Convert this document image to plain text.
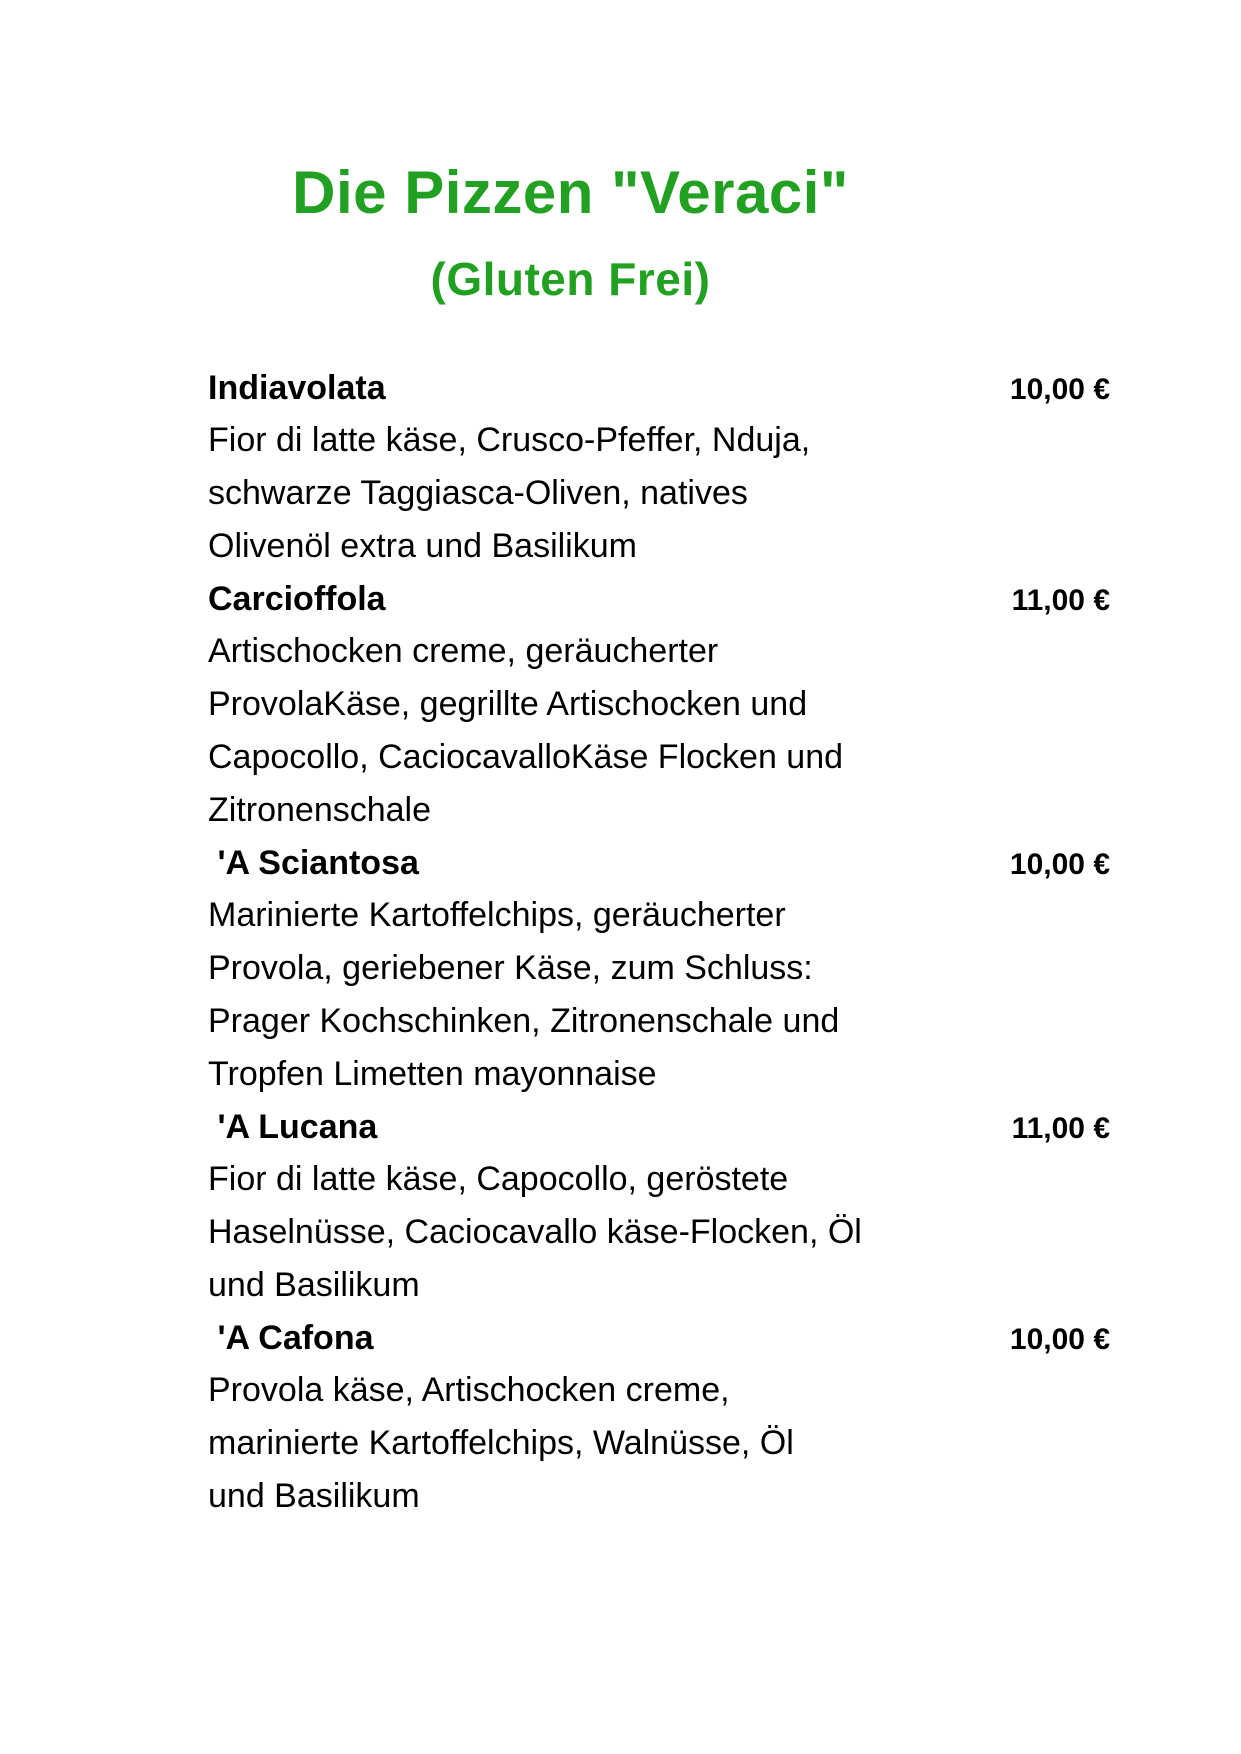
Die Pizzen "Veraci"
(Gluten Frei)
Indiavolata	10,00 €
Fior di latte käse, Crusco-Pfeffer, Nduja,
schwarze Taggiasca-Oliven, natives
Olivenöl extra und Basilikum
Carcioffola	11,00 €
Artischocken creme, geräucherter
ProvolaKäse, gegrillte Artischocken und
Capocollo, CaciocavalloKäse Flocken und
Zitronenschale
'A Sciantosa	10,00 €
Marinierte Kartoffelchips, geräucherter
Provola, geriebener Käse, zum Schluss:
Prager Kochschinken, Zitronenschale und
Tropfen Limetten mayonnaise
'A Lucana	11,00 €
Fior di latte käse, Capocollo, geröstete
Haselnüsse, Caciocavallo käse-Flocken, Öl
und Basilikum
'A Cafona	10,00 €
Provola käse, Artischocken creme,
marinierte Kartoffelchips, Walnüsse, Öl
und Basilikum
